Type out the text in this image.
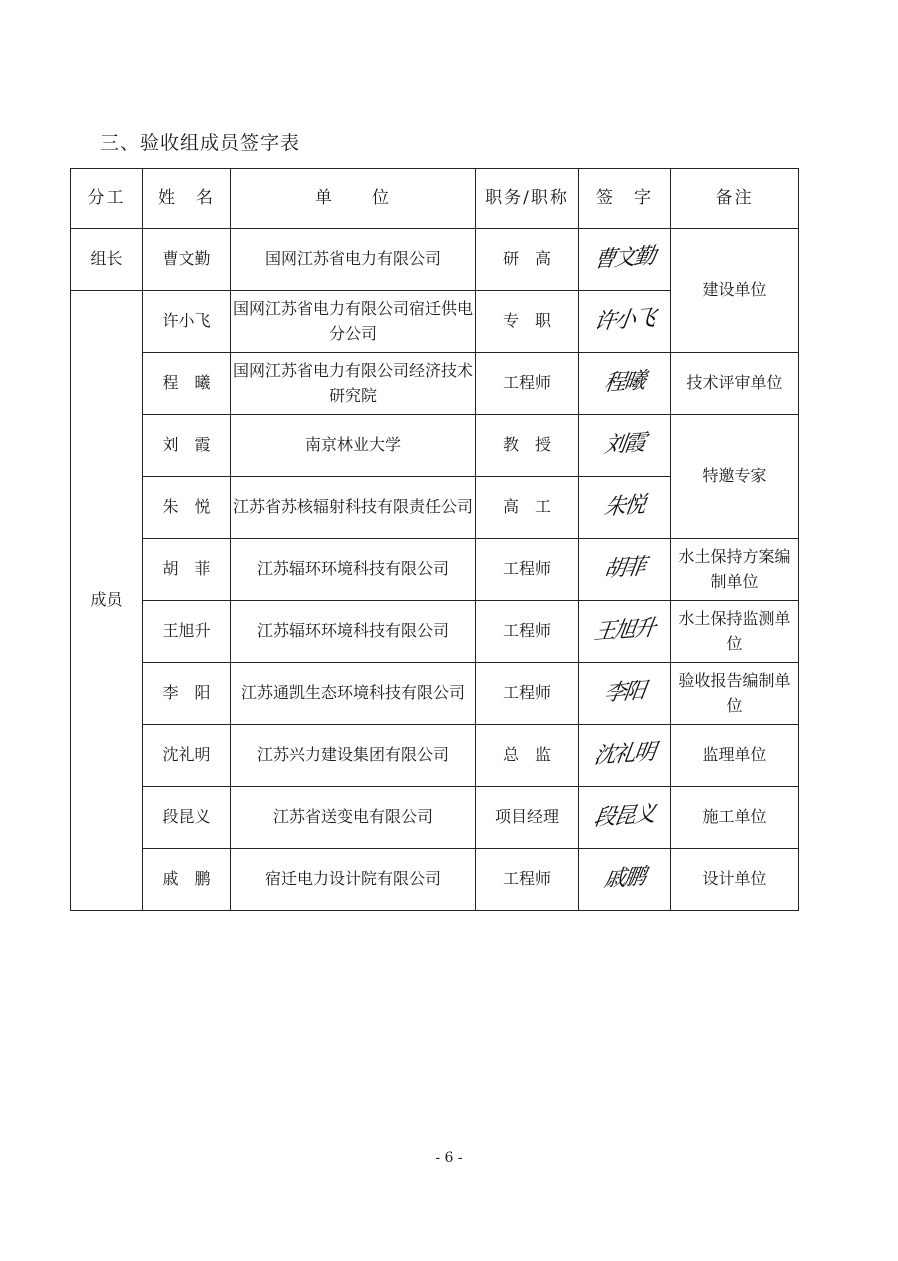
三、验收组成员签字表
分工	姓　名	单　　位	职务/职称	签　字	备注
组长	曹文勤	国网江苏省电力有限公司	研　高	曹文勤	建设单位
成员	许小飞	国网江苏省电力有限公司宿迁供电分公司	专　职	许小飞	
	程　曦	国网江苏省电力有限公司经济技术研究院	工程师	程曦	技术评审单位
	刘　霞	南京林业大学	教　授	刘霞	特邀专家
	朱　悦	江苏省苏核辐射科技有限责任公司	高　工	朱悦	
	胡　菲	江苏辐环环境科技有限公司	工程师	胡菲	水土保持方案编制单位
	王旭升	江苏辐环环境科技有限公司	工程师	王旭升	水土保持监测单位
	李　阳	江苏通凯生态环境科技有限公司	工程师	李阳	验收报告编制单位
	沈礼明	江苏兴力建设集团有限公司	总　监	沈礼明	监理单位
	段昆义	江苏省送变电有限公司	项目经理	段昆义	施工单位
	戚　鹏	宿迁电力设计院有限公司	工程师	戚鹏	设计单位
- 6 -
